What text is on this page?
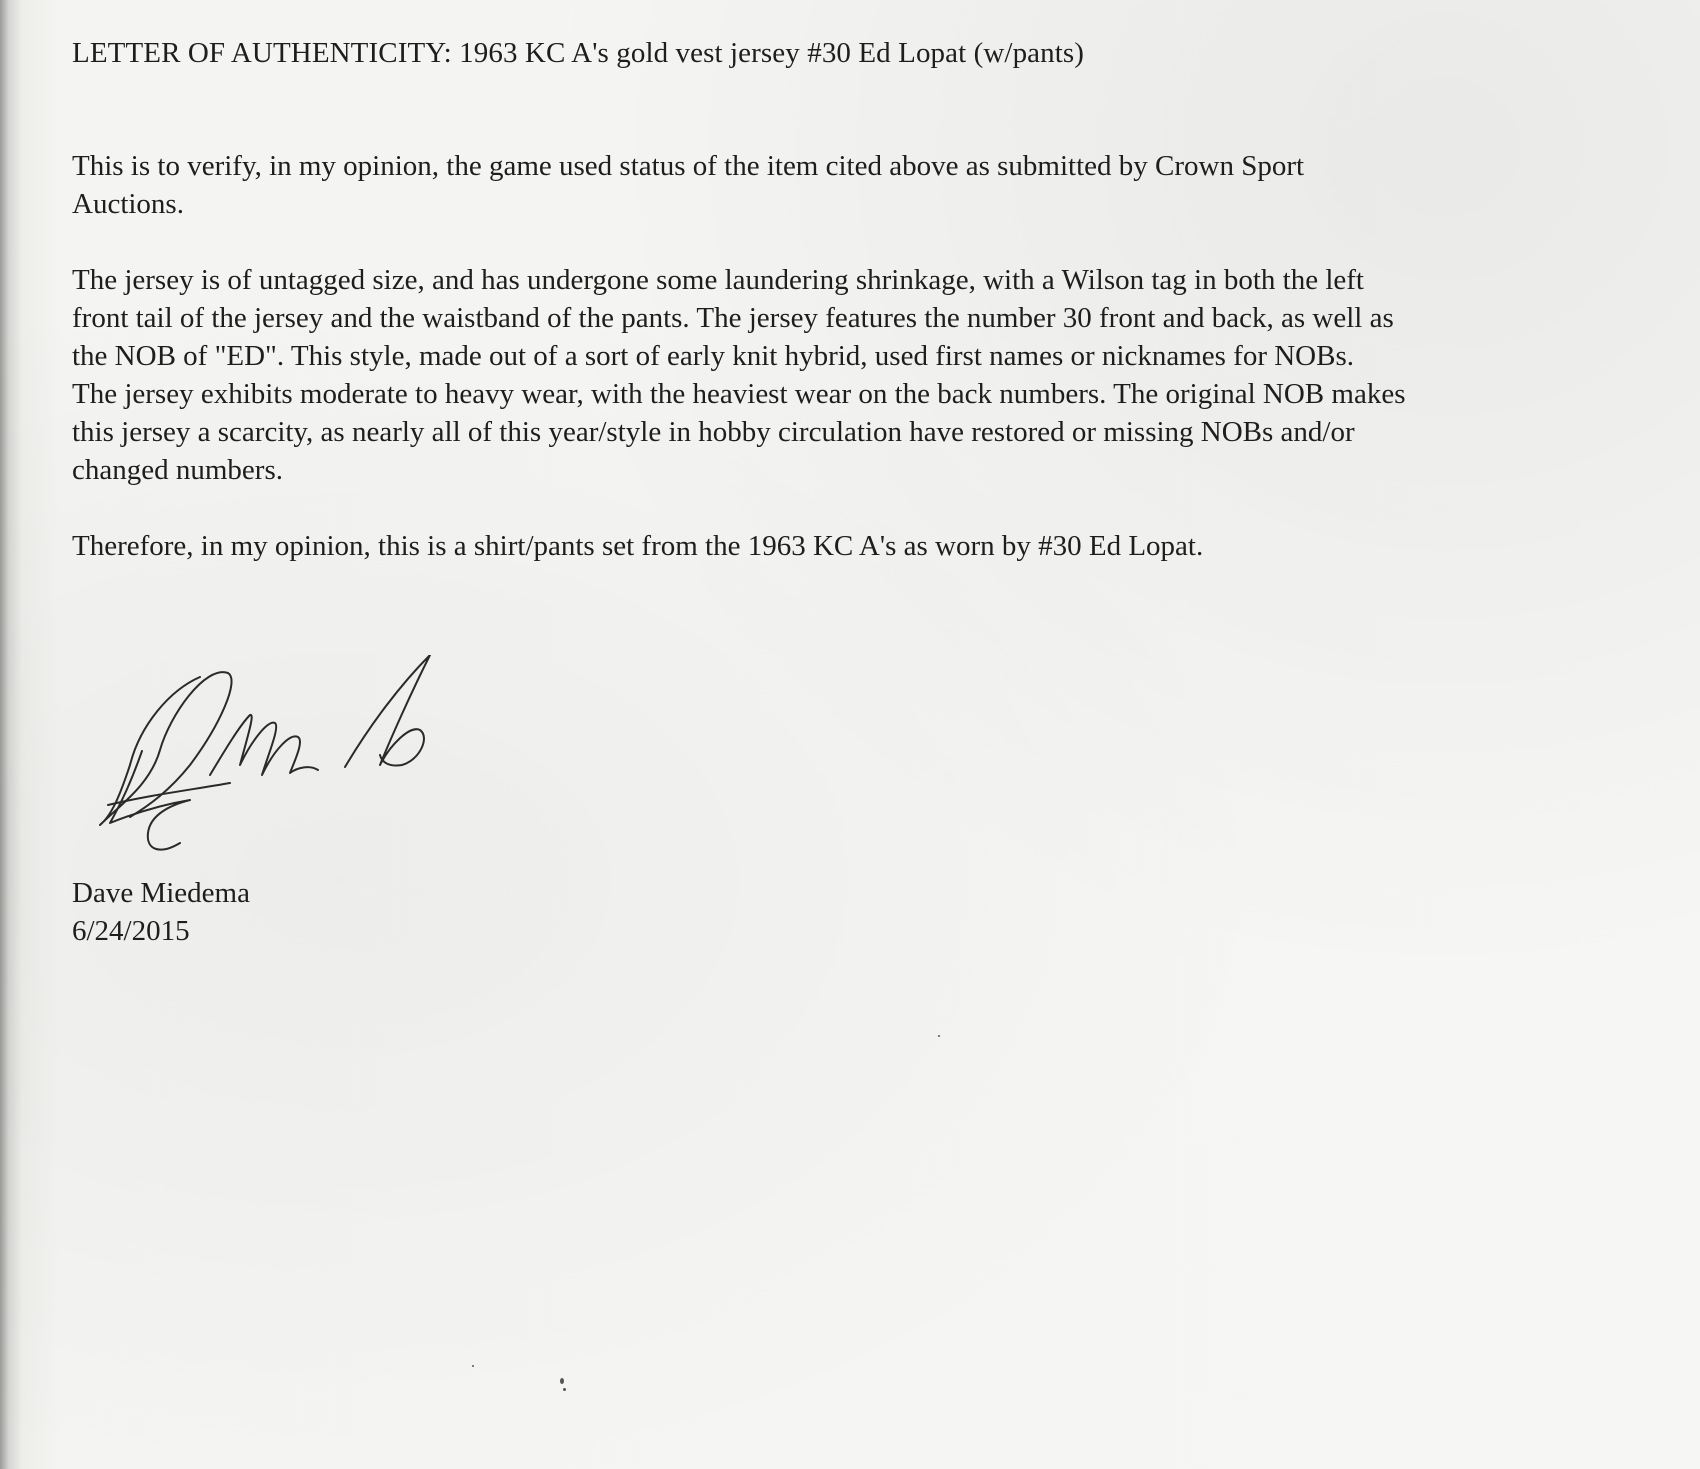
LETTER OF AUTHENTICITY: 1963 KC A's gold vest jersey #30 Ed Lopat (w/pants)

This is to verify, in my opinion, the game used status of the item cited above as submitted by Crown Sport
Auctions.

The jersey is of untagged size, and has undergone some laundering shrinkage, with a Wilson tag in both the left
front tail of the jersey and the waistband of the pants. The jersey features the number 30 front and back, as well as
the NOB of "ED". This style, made out of a sort of early knit hybrid, used first names or nicknames for NOBs.
The jersey exhibits moderate to heavy wear, with the heaviest wear on the back numbers. The original NOB makes
this jersey a scarcity, as nearly all of this year/style in hobby circulation have restored or missing NOBs and/or
changed numbers.

Therefore, in my opinion, this is a shirt/pants set from the 1963 KC A's as worn by #30 Ed Lopat.

Dave Miedema
6/24/2015
